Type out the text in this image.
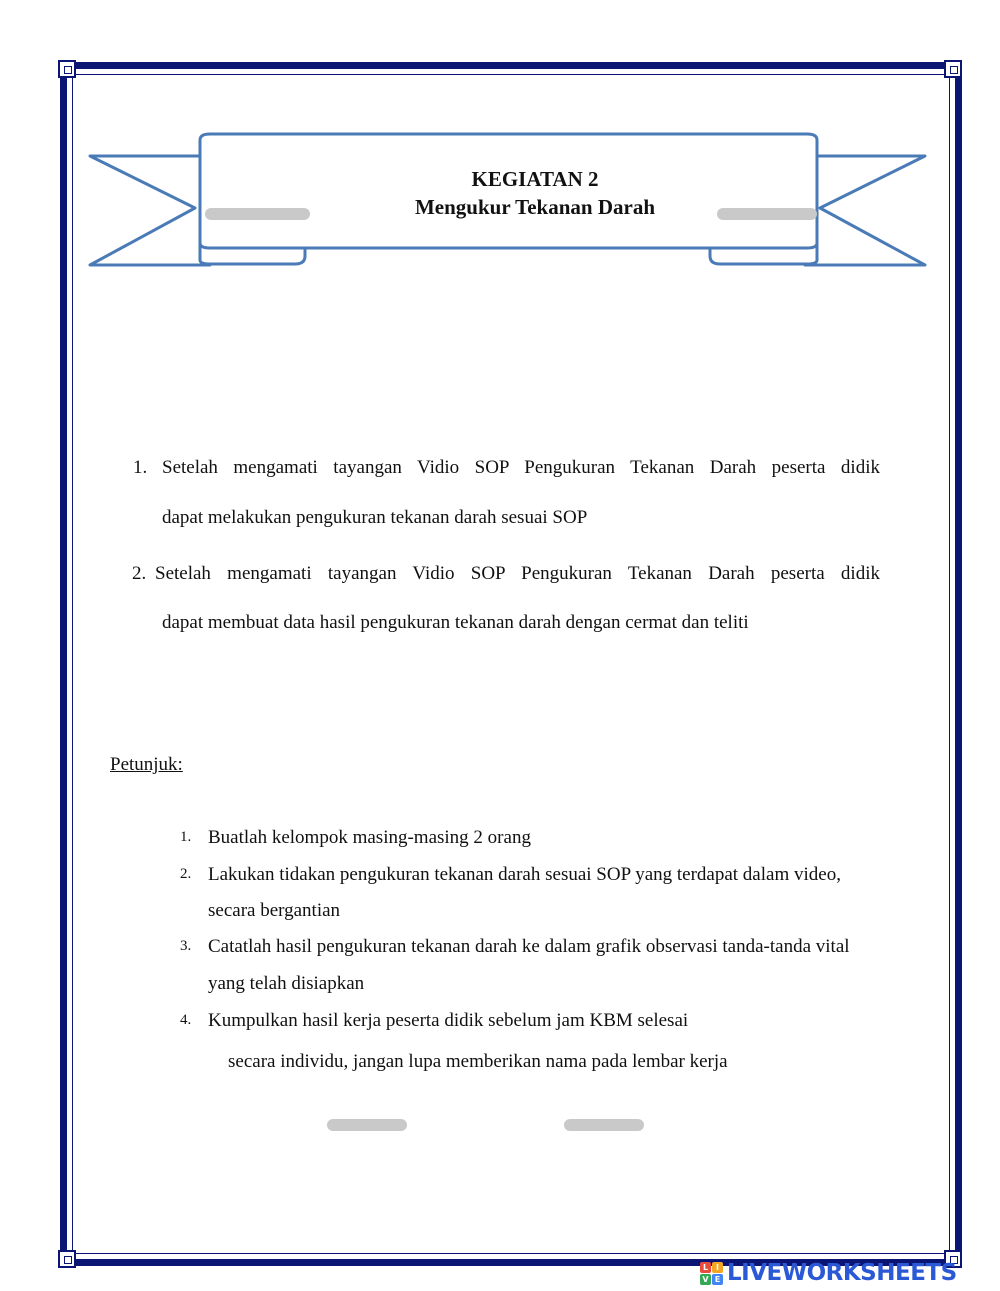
KEGIATAN 2
Mengukur Tekanan Darah
1. Setelah mengamati tayangan Vidio SOP Pengukuran Tekanan Darah peserta didik
dapat melakukan pengukuran tekanan darah sesuai SOP
2. Setelah mengamati tayangan Vidio SOP Pengukuran Tekanan Darah peserta didik
dapat membuat data hasil pengukuran tekanan darah dengan cermat dan teliti
Petunjuk:
1. Buatlah kelompok masing-masing 2 orang
2. Lakukan tidakan pengukuran tekanan darah sesuai SOP yang terdapat dalam video,
secara bergantian
3. Catatlah hasil pengukuran tekanan darah ke dalam grafik observasi tanda-tanda vital
yang telah disiapkan
4. Kumpulkan hasil kerja peserta didik sebelum jam KBM selesai
secara individu, jangan lupa memberikan nama pada lembar kerja
L I
V E LIVEWORKSHEETS
